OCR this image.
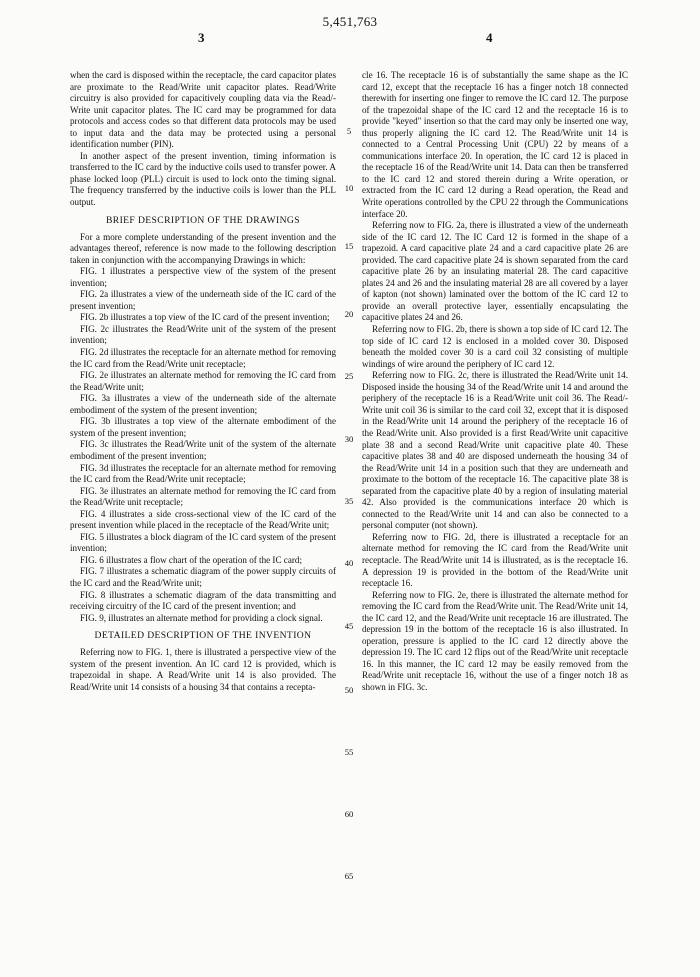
5,451,763
3	4

when the card is disposed within the receptacle, the card capacitor plates are proximate to the Read/Write unit capacitor plates. Read/Write circuitry is also provided for capacitively coupling data via the Read/-Write unit capacitor plates. The IC card may be programmed for data protocols and access codes so that different data protocols may be used to input data and the data may be protected using a personal identification number (PIN).

In another aspect of the present invention, timing information is transferred to the IC card by the inductive coils used to transfer power. A phase locked loop (PLL) circuit is used to lock onto the timing signal. The frequency transferred by the inductive coils is lower than the PLL output.

BRIEF DESCRIPTION OF THE DRAWINGS

For a more complete understanding of the present invention and the advantages thereof, reference is now made to the following description taken in conjunction with the accompanying Drawings in which:

FIG. 1 illustrates a perspective view of the system of the present invention;

FIG. 2a illustrates a view of the underneath side of the IC card of the present invention;

FIG. 2b illustrates a top view of the IC card of the present invention;

FIG. 2c illustrates the Read/Write unit of the system of the present invention;

FIG. 2d illustrates the receptacle for an alternate method for removing the IC card from the Read/Write unit receptacle;

FIG. 2e illustrates an alternate method for removing the IC card from the Read/Write unit;

FIG. 3a illustrates a view of the underneath side of the alternate embodiment of the system of the present invention;

FIG. 3b illustrates a top view of the alternate embodiment of the system of the present invention;

FIG. 3c illustrates the Read/Write unit of the system of the alternate embodiment of the present invention;

FIG. 3d illustrates the receptacle for an alternate method for removing the IC card from the Read/Write unit receptacle;

FIG. 3e illustrates an alternate method for removing the IC card from the Read/Write unit receptacle;

FIG. 4 illustrates a side cross-sectional view of the IC card of the present invention while placed in the receptacle of the Read/Write unit;

FIG. 5 illustrates a block diagram of the IC card system of the present invention;

FIG. 6 illustrates a flow chart of the operation of the IC card;

FIG. 7 illustrates a schematic diagram of the power supply circuits of the IC card and the Read/Write unit;

FIG. 8 illustrates a schematic diagram of the data transmitting and receiving circuitry of the IC card of the present invention; and

FIG. 9, illustrates an alternate method for providing a clock signal.

DETAILED DESCRIPTION OF THE INVENTION

Referring now to FIG. 1, there is illustrated a perspective view of the system of the present invention. An IC card 12 is provided, which is trapezoidal in shape. A Read/Write unit 14 is also provided. The Read/Write unit 14 consists of a housing 34 that contains a recepta-

5
10
15
20
25
30
35
40
45
50
55
60
65

cle 16. The receptacle 16 is of substantially the same shape as the IC card 12, except that the receptacle 16 has a finger notch 18 connected therewith for inserting one finger to remove the IC card 12. The purpose of the trapezoidal shape of the IC card 12 and the receptacle 16 is to provide "keyed" insertion so that the card may only be inserted one way, thus properly aligning the IC card 12. The Read/Write unit 14 is connected to a Central Processing Unit (CPU) 22 by means of a communications interface 20. In operation, the IC card 12 is placed in the receptacle 16 of the Read/Write unit 14. Data can then be transferred to the IC card 12 and stored therein during a Write operation, or extracted from the IC card 12 during a Read operation, the Read and Write operations controlled by the CPU 22 through the Communications interface 20.

Referring now to FIG. 2a, there is illustrated a view of the underneath side of the IC card 12. The IC Card 12 is formed in the shape of a trapezoid. A card capacitive plate 24 and a card capacitive plate 26 are provided. The card capacitive plate 24 is shown separated from the card capacitive plate 26 by an insulating material 28. The card capacitive plates 24 and 26 and the insulating material 28 are all covered by a layer of kapton (not shown) laminated over the bottom of the IC card 12 to provide an overall protective layer, essentially encapsulating the capacitive plates 24 and 26.

Referring now to FIG. 2b, there is shown a top side of IC card 12. The top side of IC card 12 is enclosed in a molded cover 30. Disposed beneath the molded cover 30 is a card coil 32 consisting of multiple windings of wire around the periphery of IC card 12.

Referring now to FIG. 2c, there is illustrated the Read/Write unit 14. Disposed inside the housing 34 of the Read/Write unit 14 and around the periphery of the receptacle 16 is a Read/Write unit coil 36. The Read/-Write unit coil 36 is similar to the card coil 32, except that it is disposed in the Read/Write unit 14 around the periphery of the receptacle 16 of the Read/Write unit. Also provided is a first Read/Write unit capacitive plate 38 and a second Read/Write unit capacitive plate 40. These capacitive plates 38 and 40 are disposed underneath the housing 34 of the Read/Write unit 14 in a position such that they are underneath and proximate to the bottom of the receptacle 16. The capacitive plate 38 is separated from the capacitive plate 40 by a region of insulating material 42. Also provided is the communications interface 20 which is connected to the Read/Write unit 14 and can also be connected to a personal computer (not shown).

Referring now to FIG. 2d, there is illustrated a receptacle for an alternate method for removing the IC card from the Read/Write unit receptacle. The Read/Write unit 14 is illustrated, as is the receptacle 16. A depression 19 is provided in the bottom of the Read/Write unit receptacle 16.

Referring now to FIG. 2e, there is illustrated the alternate method for removing the IC card from the Read/Write unit. The Read/Write unit 14, the IC card 12, and the Read/Write unit receptacle 16 are illustrated. The depression 19 in the bottom of the receptacle 16 is also illustrated. In operation, pressure is applied to the IC card 12 directly above the depression 19. The IC card 12 flips out of the Read/Write unit receptacle 16. In this manner, the IC card 12 may be easily removed from the Read/Write unit receptacle 16, without the use of a finger notch 18 as shown in FIG. 3c.
